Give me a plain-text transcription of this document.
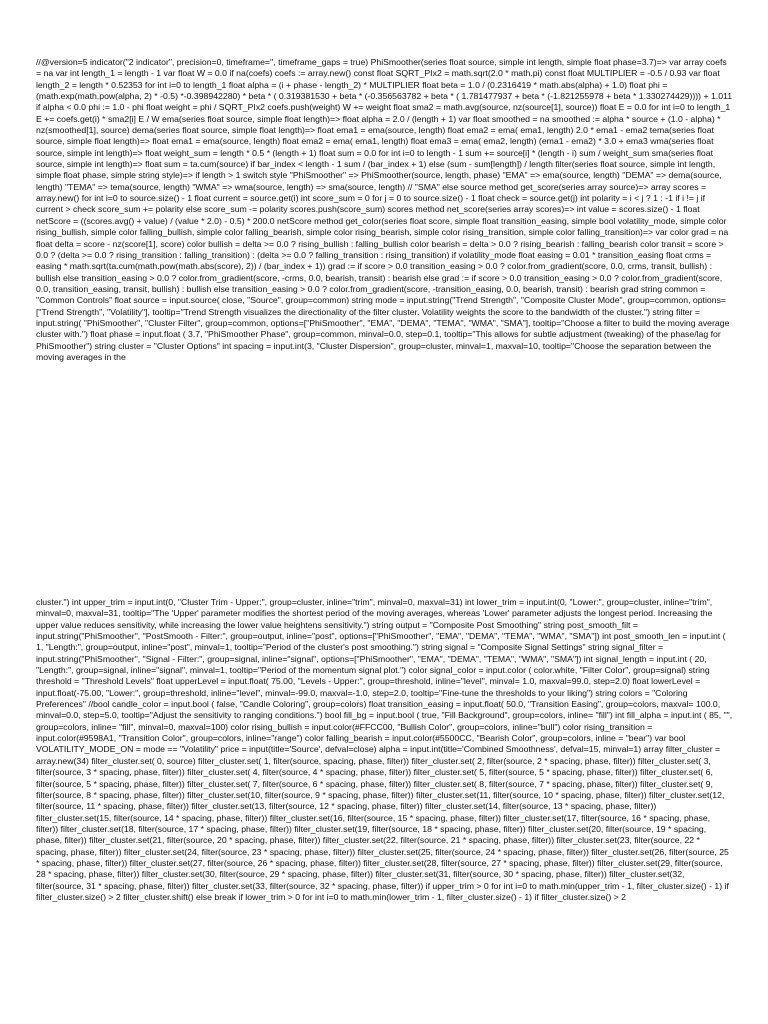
//@version=5 indicator("2 indicator", precision=0, timeframe='', timeframe_gaps = true) PhiSmoother(series float source, simple int length, simple float phase=3.7)=> var array coefs = na var int length_1 = length - 1 var float W = 0.0 if na(coefs) coefs := array.new() const float SQRT_PIx2 = math.sqrt(2.0 * math.pi) const float MULTIPLIER = -0.5 / 0.93 var float length_2 = length * 0.52353 for int i=0 to length_1 float alpha = (i + phase - length_2) * MULTIPLIER float beta = 1.0 / (0.2316419 * math.abs(alpha) + 1.0) float phi = (math.exp(math.pow(alpha, 2) * -0.5) *-0.398942280) * beta * ( 0.319381530 + beta * (-0.356563782 + beta * ( 1.781477937 + beta * (-1.821255978 + beta * 1.330274429)))) + 1.011 if alpha < 0.0 phi := 1.0 - phi float weight = phi / SQRT_PIx2 coefs.push(weight) W += weight float sma2 = math.avg(source, nz(source[1], source)) float E = 0.0 for int i=0 to length_1 E += coefs.get(i) * sma2[i] E / W ema(series float source, simple float length)=> float alpha = 2.0 / (length + 1) var float smoothed = na smoothed := alpha * source + (1.0 - alpha) * nz(smoothed[1], source) dema(series float source, simple float length)=> float ema1 = ema(source, length) float ema2 = ema( ema1, length) 2.0 * ema1 - ema2 tema(series float source, simple float length)=> float ema1 = ema(source, length) float ema2 = ema( ema1, length) float ema3 = ema( ema2, length) (ema1 - ema2) * 3.0 + ema3 wma(series float source, simple int length)=> float weight_sum = length * 0.5 * (length + 1) float sum = 0.0 for int i=0 to length - 1 sum += source[i] * (length - i) sum / weight_sum sma(series float source, simple int length)=> float sum = ta.cum(source) if bar_index < length - 1 sum / (bar_index + 1) else (sum - sum[length]) / length filter(series float source, simple int length, simple float phase, simple string style)=> if length > 1 switch style "PhiSmoother" => PhiSmoother(source, length, phase) "EMA" => ema(source, length) "DEMA" => dema(source, length) "TEMA" => tema(source, length) "WMA" => wma(source, length) => sma(source, length) // "SMA" else source method get_score(series array source)=> array scores = array.new() for int i=0 to source.size() - 1 float current = source.get(i) int score_sum = 0 for j = 0 to source.size() - 1 float check = source.get(j) int polarity = i < j ? 1 : -1 if i != j if current > check score_sum += polarity else score_sum -= polarity scores.push(score_sum) scores method net_score(series array scores)=> int value = scores.size() - 1 float netScore = ((scores.avg() + value) / (value * 2.0) - 0.5) * 200.0 netScore method get_color(series float score, simple float transition_easing, simple bool volatility_mode, simple color rising_bullish, simple color falling_bullish, simple color falling_bearish, simple color rising_bearish, simple color rising_transition, simple color falling_transition)=> var color grad = na float delta = score - nz(score[1], score) color bullish = delta >= 0.0 ? rising_bullish : falling_bullish color bearish = delta > 0.0 ? rising_bearish : falling_bearish color transit = score > 0.0 ? (delta >= 0.0 ? rising_transition : falling_transition) : (delta >= 0.0 ? falling_transition : rising_transition) if volatility_mode float easing = 0.01 * transition_easing float crms = easing * math.sqrt(ta.cum(math.pow(math.abs(score), 2)) / (bar_index + 1)) grad := if score > 0.0 transition_easing > 0.0 ? color.from_gradient(score, 0.0, crms, transit, bullish) : bullish else transition_easing > 0.0 ? color.from_gradient(score, -crms, 0.0, bearish, transit) : bearish else grad := if score > 0.0 transition_easing > 0.0 ? color.from_gradient(score, 0.0, transition_easing, transit, bullish) : bullish else transition_easing > 0.0 ? color.from_gradient(score, -transition_easing, 0.0, bearish, transit) : bearish grad string common = "Common Controls" float source = input.source( close, "Source", group=common) string mode = input.string("Trend Strength", "Composite Cluster Mode", group=common, options=["Trend Strength", "Volatility"], tooltip="Trend Strength visualizes the directionality of the filter cluster. Volatility weights the score to the bandwidth of the cluster.") string filter = input.string( "PhiSmoother", "Cluster Filter", group=common, options=["PhiSmoother", "EMA", "DEMA", "TEMA", "WMA", "SMA"], tooltip="Choose a filter to build the moving average cluster with.") float phase = input.float ( 3.7, "PhiSmoother Phase", group=common, minval=0.0, step=0.1, tooltip="This allows for subtle adjustment (tweaking) of the phase/lag for PhiSmoother") string cluster = "Cluster Options" int spacing = input.int(3, "Cluster Dispersion", group=cluster, minval=1, maxval=10, tooltip="Choose the separation between the moving averages in the
cluster.") int upper_trim = input.int(0, "Cluster Trim - Upper:", group=cluster, inline="trim", minval=0, maxval=31) int lower_trim = input.int(0, "Lower:", group=cluster, inline="trim", minval=0, maxval=31, tooltip="The 'Upper' parameter modifies the shortest period of the moving averages, whereas 'Lower' parameter adjusts the longest period. Increasing the upper value reduces sensitivity, while increasing the lower value heightens sensitivity.") string output = "Composite Post Smoothing" string post_smooth_filt = input.string("PhiSmoother", "PostSmooth - Filter:", group=output, inline="post", options=["PhiSmoother", "EMA", "DEMA", "TEMA", "WMA", "SMA"]) int post_smooth_len = input.int ( 1, "Length:", group=output, inline="post", minval=1, tooltip="Period of the cluster's post smoothing.") string signal = "Composite Signal Settings" string signal_filter = input.string("PhiSmoother", "Signal - Filter:", group=signal, inline="signal", options=["PhiSmoother", "EMA", "DEMA", "TEMA", "WMA", "SMA"]) int signal_length = input.int ( 20, "Length:", group=signal, inline="signal", minval=1, tooltip="Period of the momentum signal plot.") color signal_color = input.color ( color.white, "Filter Color", group=signal) string threshold = "Threshold Levels" float upperLevel = input.float( 75.00, "Levels - Upper:", group=threshold, inline="level", minval= 1.0, maxval=99.0, step=2.0) float lowerLevel = input.float(-75.00, "Lower:", group=threshold, inline="level", minval=-99.0, maxval=-1.0, step=2.0, tooltip="Fine-tune the thresholds to your liking") string colors = "Coloring Preferences" //bool candle_color = input.bool ( false, "Candle Coloring", group=colors) float transition_easing = input.float( 50.0, "Transition Easing", group=colors, maxval= 100.0, minval=0.0, step=5.0, tooltip="Adjust the sensitivity to ranging conditions.") bool fill_bg = input.bool ( true, "Fill Background", group=colors, inline= "fill") int fill_alpha = input.int ( 85, "", group=colors, inline= "fill", minval=0, maxval=100) color rising_bullish = input.color(#FFCC00, "Bullish Color", group=colors, inline="bull") color rising_transition = input.color(#9598A1, "Transition Color", group=colors, inline="range") color falling_bearish = input.color(#5500CC, "Bearish Color", group=colors, inline = "bear") var bool VOLATILITY_MODE_ON = mode == "Volatility" price = input(title='Source', defval=close) alpha = input.int(title='Combined Smoothness', defval=15, minval=1) array filter_cluster = array.new(34) filter_cluster.set( 0, source) filter_cluster.set( 1, filter(source, spacing, phase, filter)) filter_cluster.set( 2, filter(source, 2 * spacing, phase, filter)) filter_cluster.set( 3, filter(source, 3 * spacing, phase, filter)) filter_cluster.set( 4, filter(source, 4 * spacing, phase, filter)) filter_cluster.set( 5, filter(source, 5 * spacing, phase, filter)) filter_cluster.set( 6, filter(source, 5 * spacing, phase, filter)) filter_cluster.set( 7, filter(source, 6 * spacing, phase, filter)) filter_cluster.set( 8, filter(source, 7 * spacing, phase, filter)) filter_cluster.set( 9, filter(source, 8 * spacing, phase, filter)) filter_cluster.set(10, filter(source, 9 * spacing, phase, filter)) filter_cluster.set(11, filter(source, 10 * spacing, phase, filter)) filter_cluster.set(12, filter(source, 11 * spacing, phase, filter)) filter_cluster.set(13, filter(source, 12 * spacing, phase, filter)) filter_cluster.set(14, filter(source, 13 * spacing, phase, filter)) filter_cluster.set(15, filter(source, 14 * spacing, phase, filter)) filter_cluster.set(16, filter(source, 15 * spacing, phase, filter)) filter_cluster.set(17, filter(source, 16 * spacing, phase, filter)) filter_cluster.set(18, filter(source, 17 * spacing, phase, filter)) filter_cluster.set(19, filter(source, 18 * spacing, phase, filter)) filter_cluster.set(20, filter(source, 19 * spacing, phase, filter)) filter_cluster.set(21, filter(source, 20 * spacing, phase, filter)) filter_cluster.set(22, filter(source, 21 * spacing, phase, filter)) filter_cluster.set(23, filter(source, 22 * spacing, phase, filter)) filter_cluster.set(24, filter(source, 23 * spacing, phase, filter)) filter_cluster.set(25, filter(source, 24 * spacing, phase, filter)) filter_cluster.set(26, filter(source, 25 * spacing, phase, filter)) filter_cluster.set(27, filter(source, 26 * spacing, phase, filter)) filter_cluster.set(28, filter(source, 27 * spacing, phase, filter)) filter_cluster.set(29, filter(source, 28 * spacing, phase, filter)) filter_cluster.set(30, filter(source, 29 * spacing, phase, filter)) filter_cluster.set(31, filter(source, 30 * spacing, phase, filter)) filter_cluster.set(32, filter(source, 31 * spacing, phase, filter)) filter_cluster.set(33, filter(source, 32 * spacing, phase, filter)) if upper_trim > 0 for int i=0 to math.min(upper_trim - 1, filter_cluster.size() - 1) if filter_cluster.size() > 2 filter_cluster.shift() else break if lower_trim > 0 for int i=0 to math.min(lower_trim - 1, filter_cluster.size() - 1) if filter_cluster.size() > 2
